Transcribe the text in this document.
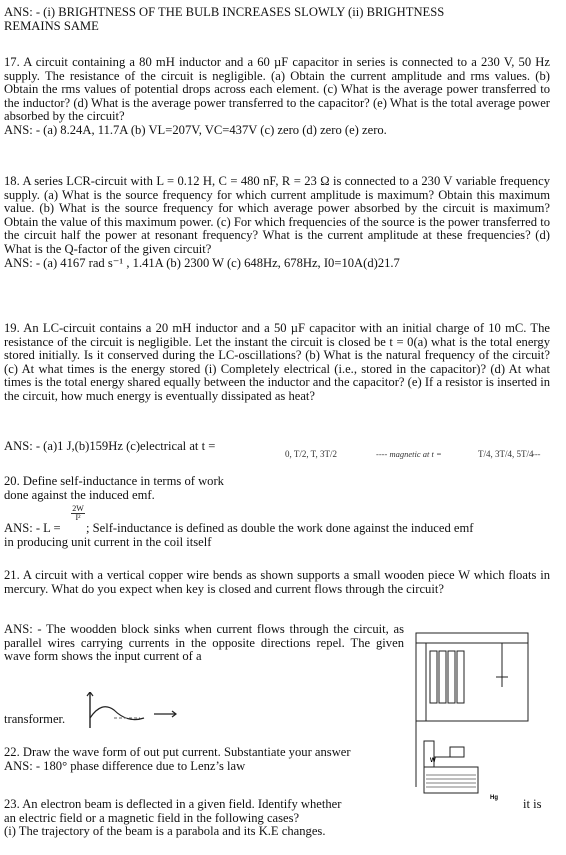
ANS: - (i) BRIGHTNESS OF THE BULB INCREASES SLOWLY (ii) BRIGHTNESS

REMAINS SAME

17. A circuit containing a 80 mH inductor and a 60 µF capacitor in series is connected to a 230 V, 50 Hz supply. The resistance of the circuit is negligible. (a) Obtain the current amplitude and rms values. (b) Obtain the rms values of potential drops across each element. (c) What is the average power transferred to the inductor? (d) What is the average power transferred to the capacitor? (e) What is the total average power absorbed by the circuit?

ANS: - (a) 8.24A, 11.7A (b) VL=207V, VC=437V (c) zero (d) zero (e) zero.

18. A series LCR-circuit with L = 0.12 H, C = 480 nF, R = 23 Ω is connected to a 230 V variable frequency supply. (a) What is the source frequency for which current amplitude is maximum? Obtain this maximum value. (b) What is the source frequency for which average power absorbed by the circuit is maximum? Obtain the value of this maximum power. (c) For which frequencies of the source is the power transferred to the circuit half the power at resonant frequency? What is the current amplitude at these frequencies? (d) What is the Q-factor of the given circuit?

ANS: - (a) 4167 rad s⁻¹ , 1.41A (b) 2300 W (c) 648Hz, 678Hz, I0=10A(d)21.7

19. An LC-circuit contains a 20 mH inductor and a 50 µF capacitor with an initial charge of 10 mC. The resistance of the circuit is negligible. Let the instant the circuit is closed be t = 0(a) what is the total energy stored initially. Is it conserved during the LC-oscillations? (b) What is the natural frequency of the circuit? (c) At what times is the energy stored (i) Completely electrical (i.e., stored in the capacitor)? (d) At what times is the total energy shared equally between the inductor and the capacitor? (e) If a resistor is inserted in the circuit, how much energy is eventually dissipated as heat?

ANS: - (a)1 J,(b)159Hz (c)electrical at t =
0, T/2, T, 3T/2	---- magnetic at t =	T/4, 3T/4, 5T/4
---

20. Define self-inductance in terms of work

done against the induced emf.

$\frac{2W}{\text{I²}}$
ANS: - L = ; Self-inductance is defined as double the work done against the induced emf
in producing unit current in the coil itself

21. A circuit with a vertical copper wire bends as shown supports a small wooden piece W which floats in mercury. What do you expect when key is closed and current flows through the circuit?

ANS: - The woodden block sinks when current flows through the circuit, as parallel wires carrying currents in the opposite directions repel. The given wave form shows the input current of a

transformer.
W
Hg

22. Draw the wave form of out put current. Substantiate your answer

ANS: - 180° phase difference due to Lenz’s law

23. An electron beam is deflected in a given field. Identify whether

an electric field or a magnetic field in the following cases?

(i) The trajectory of the beam is a parabola and its K.E changes.

it is
